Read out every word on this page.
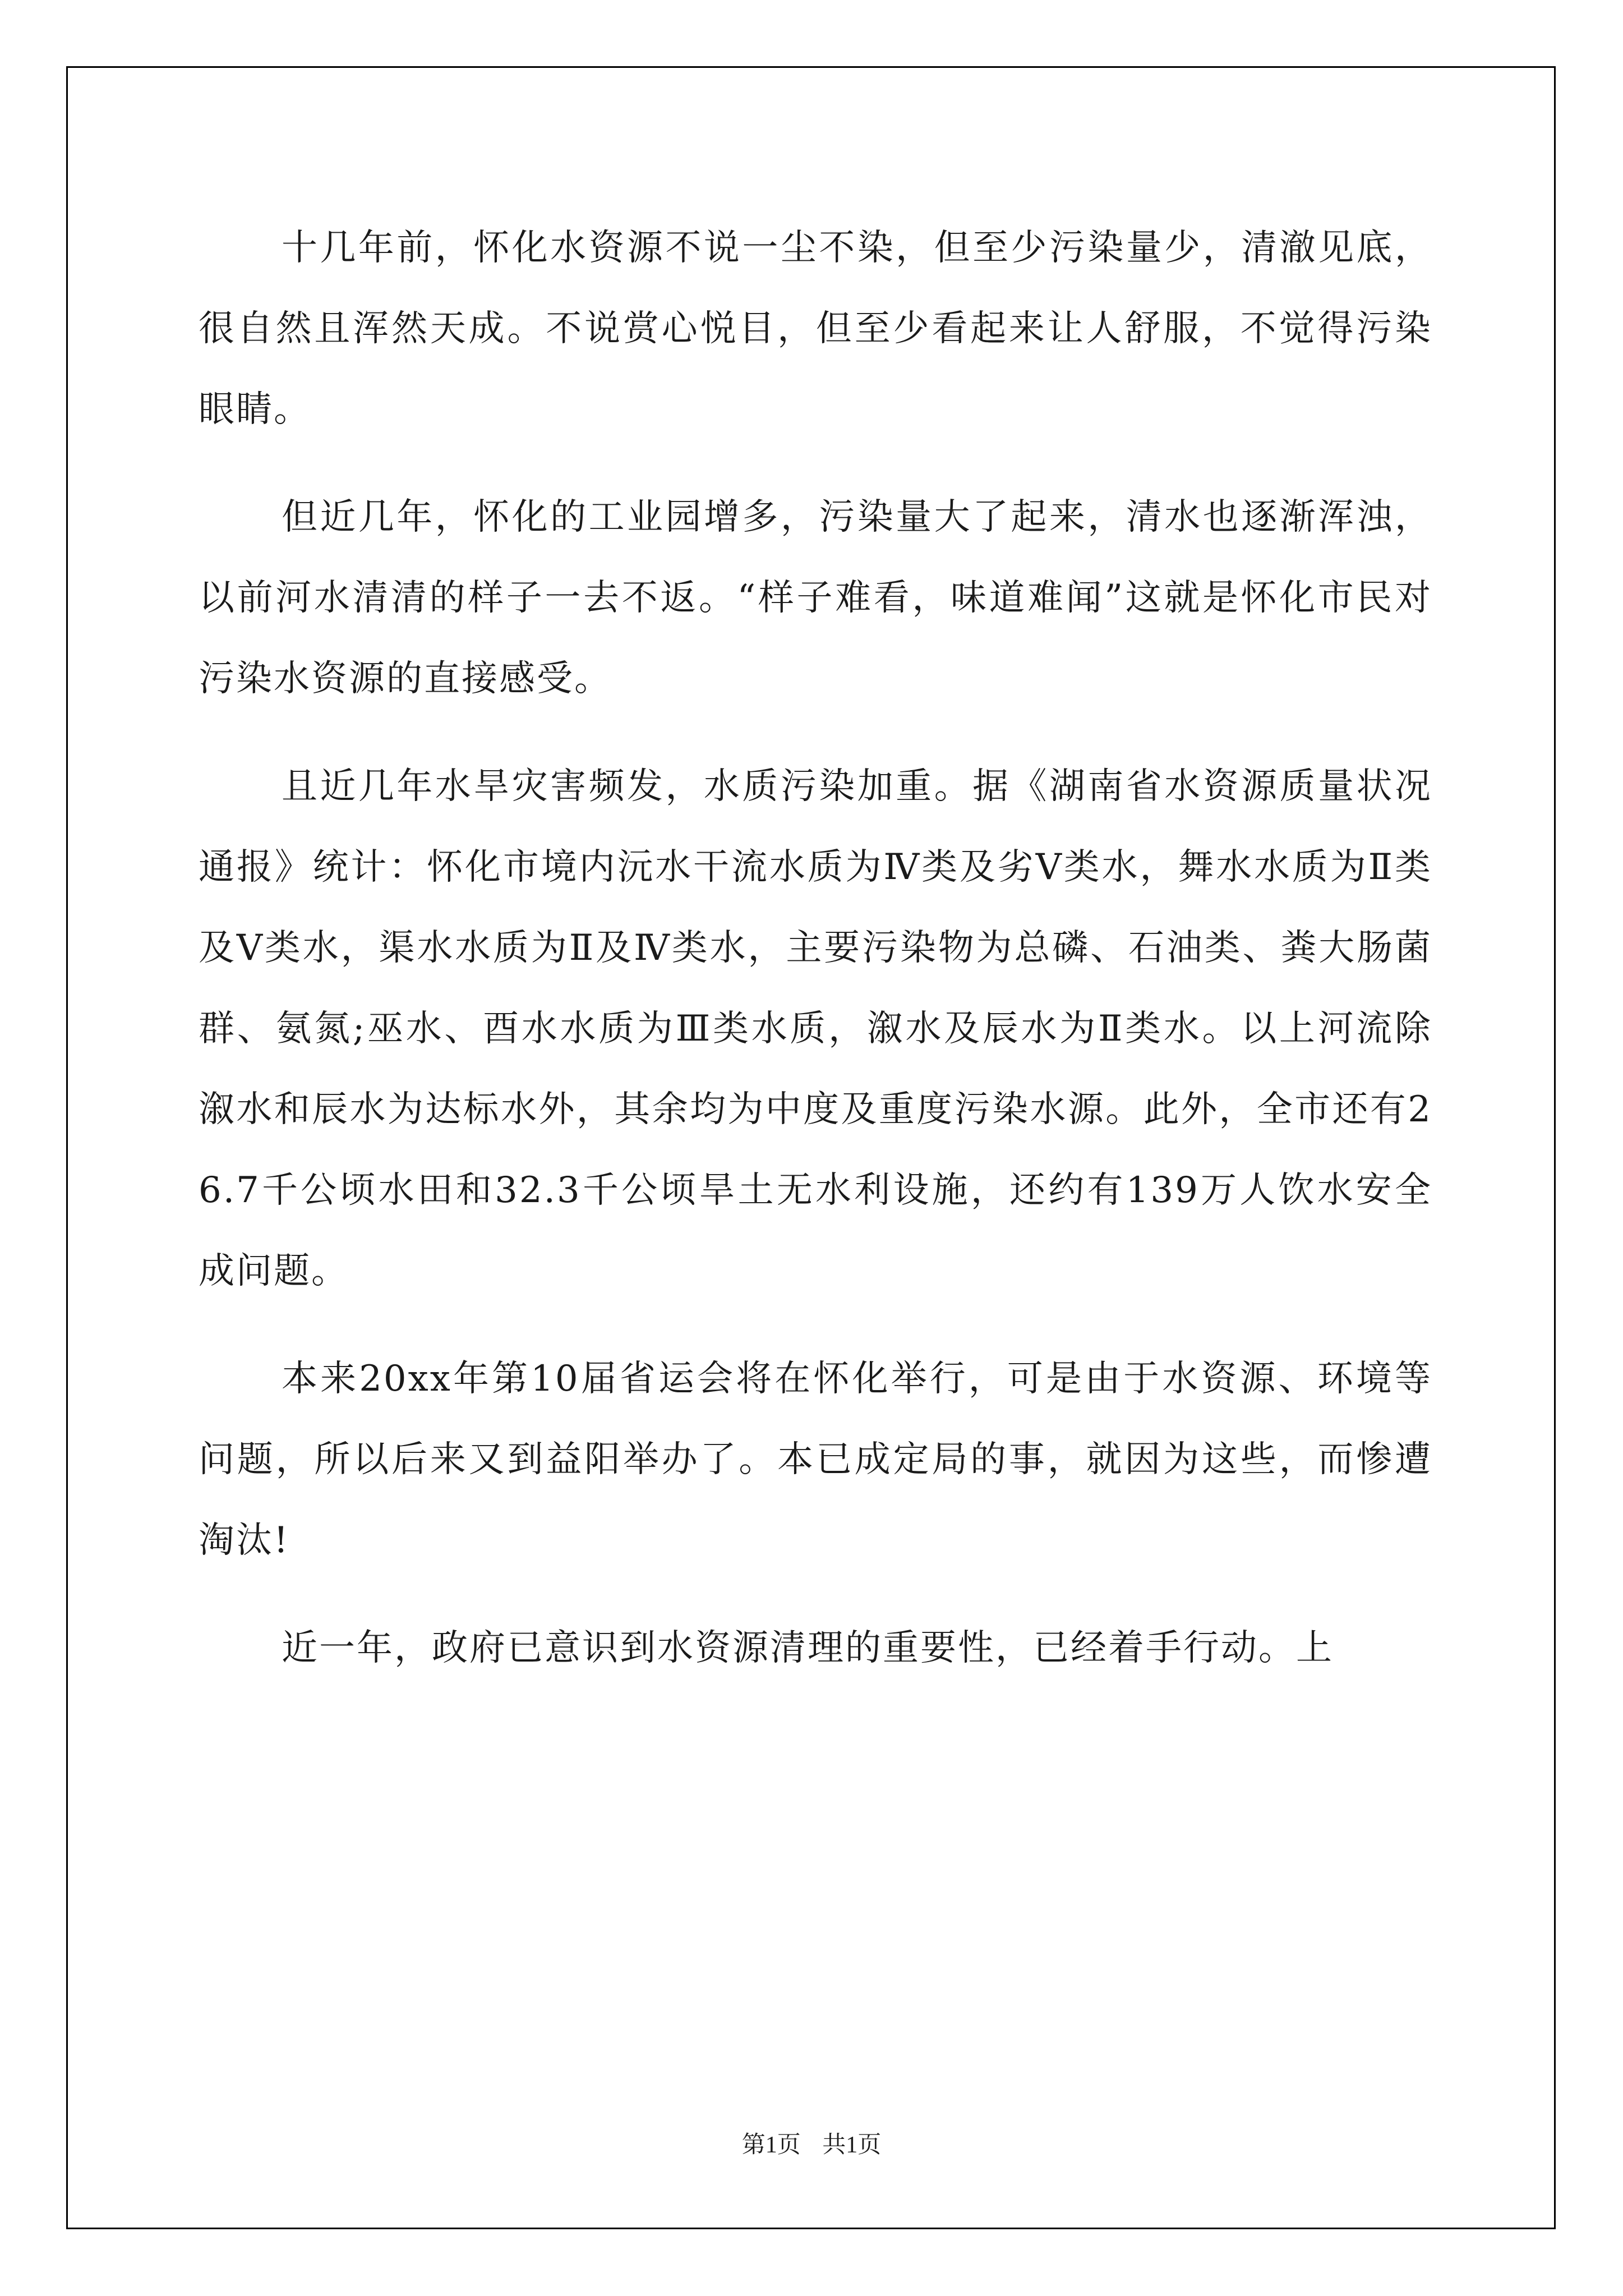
十几年前，怀化水资源不说一尘不染，但至少污染量少，清澈见底，很自然且浑然天成。不说赏心悦目，但至少看起来让人舒服，不觉得污染眼睛。

但近几年，怀化的工业园增多，污染量大了起来，清水也逐渐浑浊，以前河水清清的样子一去不返。“样子难看，味道难闻”这就是怀化市民对污染水资源的直接感受。

且近几年水旱灾害频发，水质污染加重。据《湖南省水资源质量状况通报》统计：怀化市境内沅水干流水质为Ⅳ类及劣Ⅴ类水，舞水水质为Ⅱ类及Ⅴ类水，渠水水质为Ⅱ及Ⅳ类水，主要污染物为总磷、石油类、粪大肠菌群、氨氮;巫水、酉水水质为Ⅲ类水质，溆水及辰水为Ⅱ类水。以上河流除溆水和辰水为达标水外，其余均为中度及重度污染水源。此外，全市还有26.7千公顷水田和32.3千公顷旱土无水利设施，还约有139万人饮水安全成问题。

本来20xx年第10届省运会将在怀化举行，可是由于水资源、环境等问题，所以后来又到益阳举办了。本已成定局的事，就因为这些，而惨遭淘汰!

近一年，政府已意识到水资源清理的重要性，已经着手行动。上

第1页 共1页
